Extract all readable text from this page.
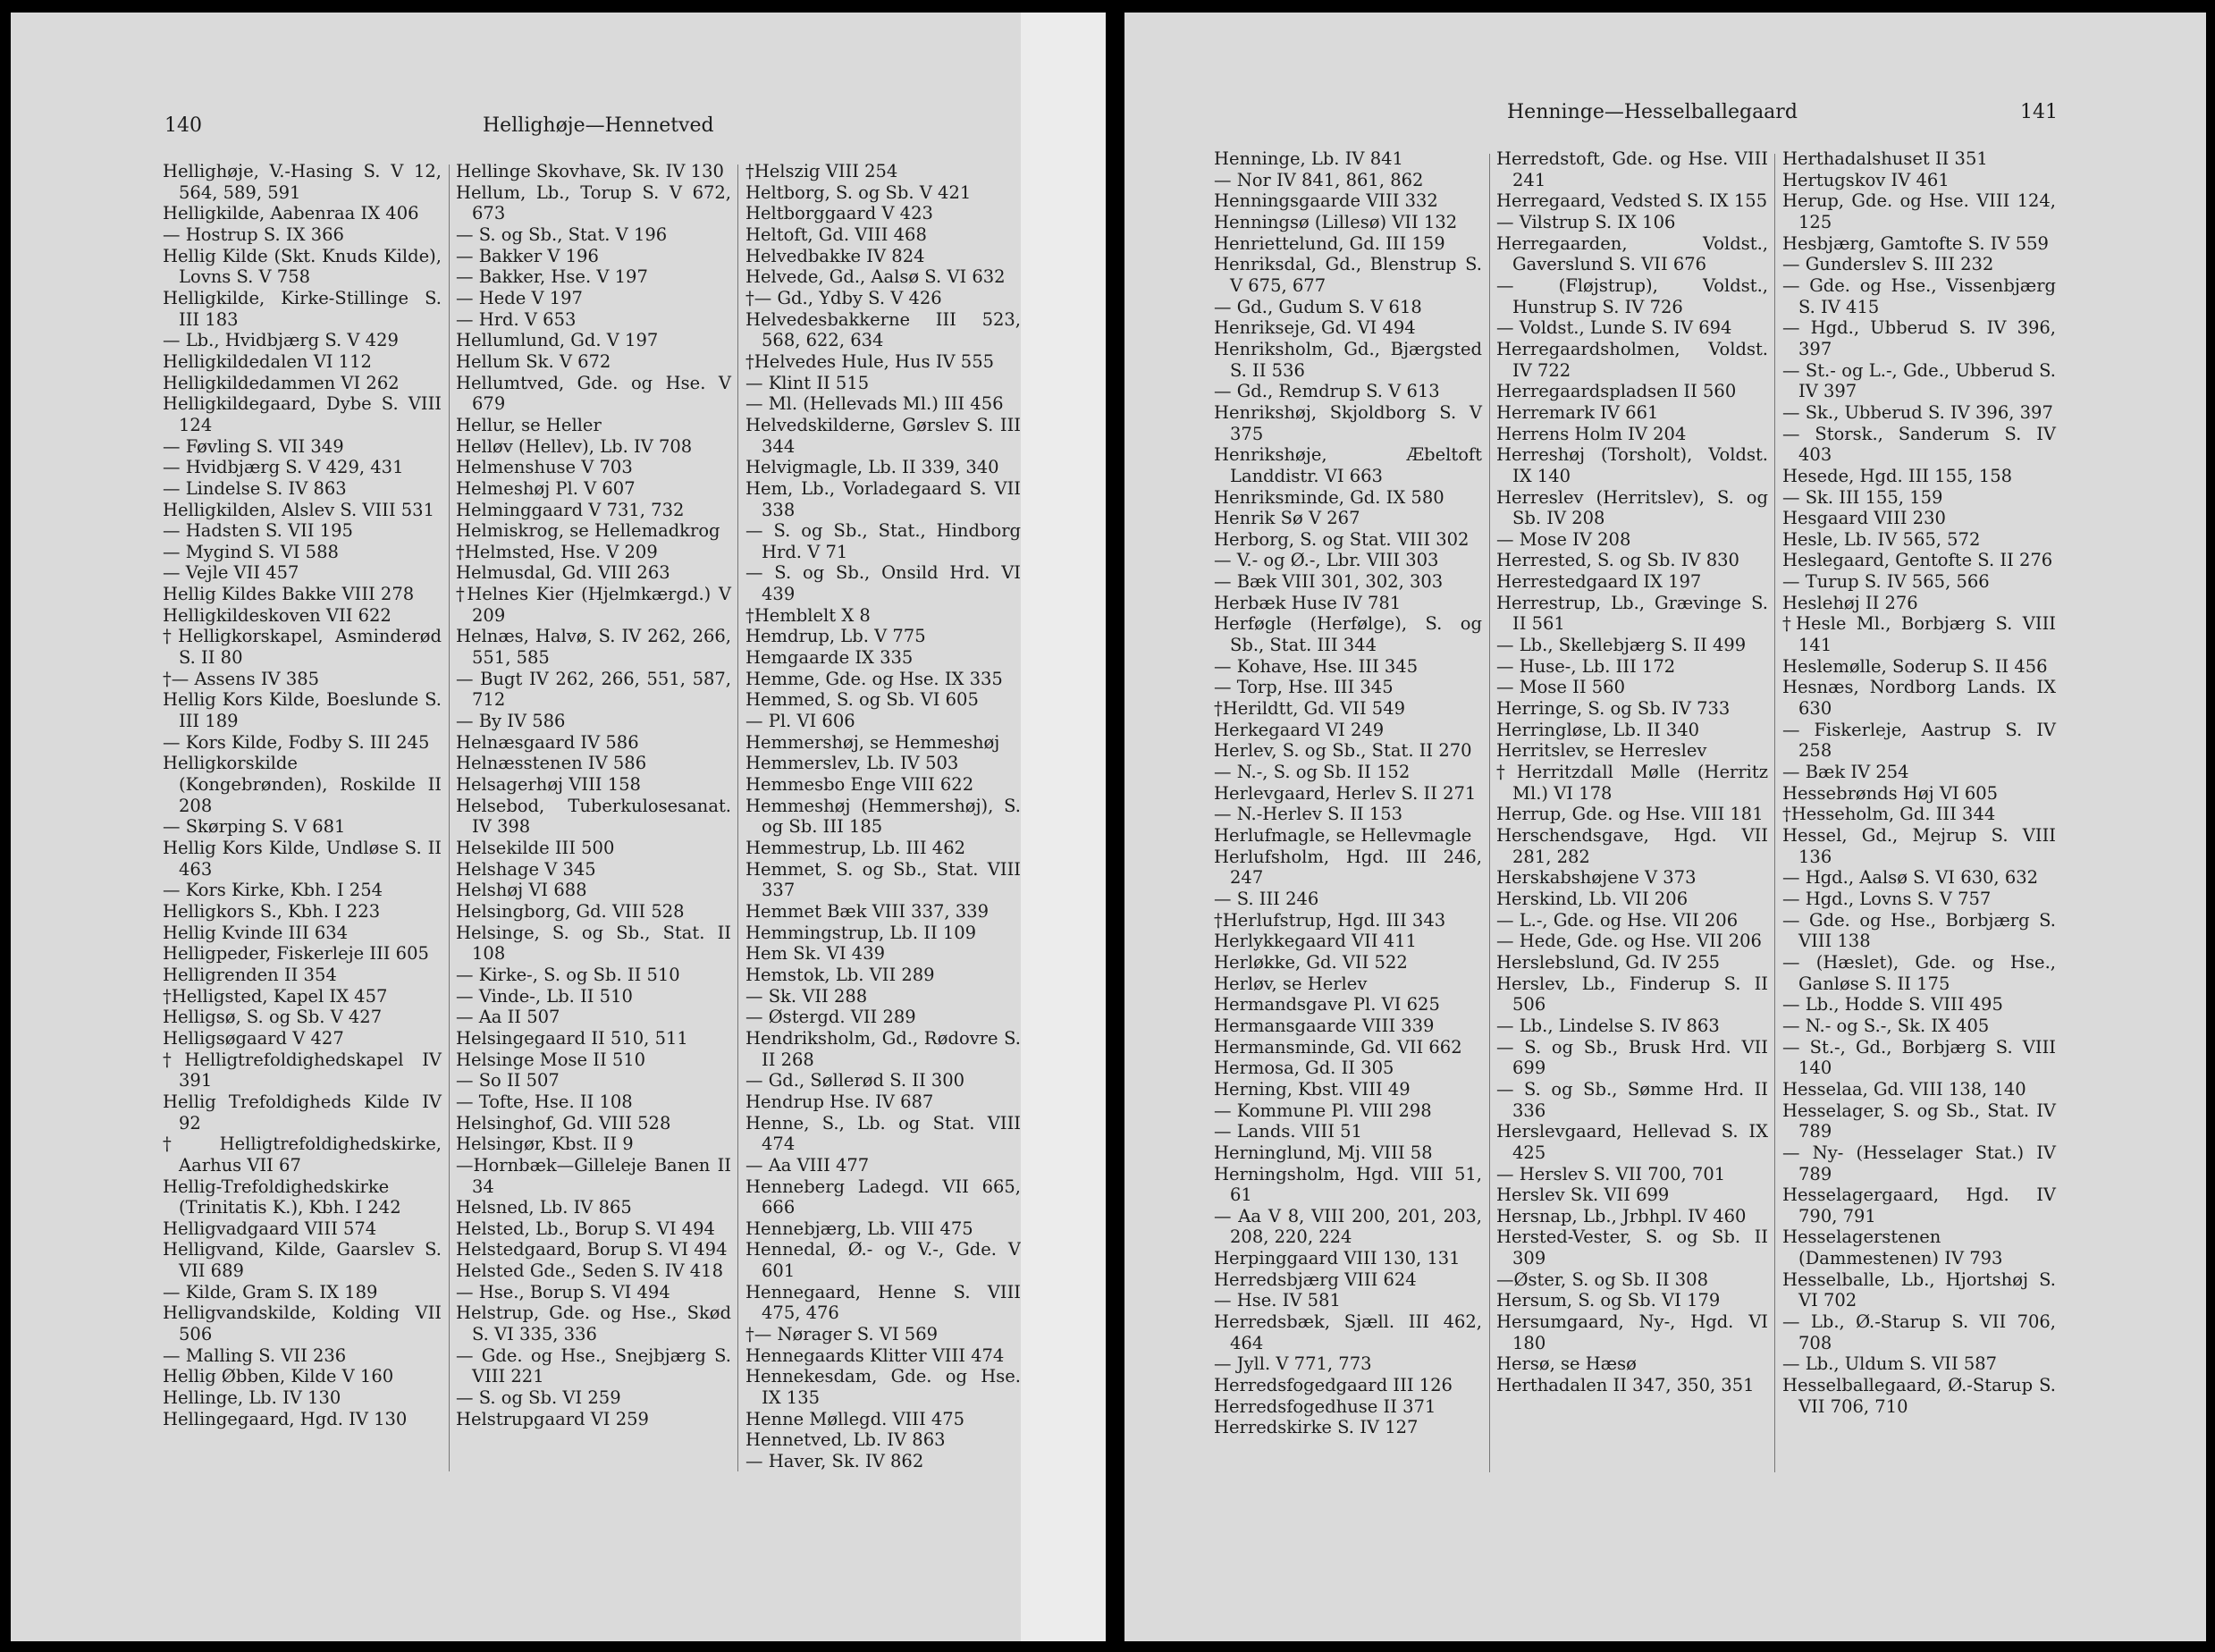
140	Hellighøje—Hennetved

Hellighøje, V.-Hasing S. V 12, 564, 589, 591

Helligkilde, Aabenraa IX 406

— Hostrup S. IX 366

Hellig Kilde (Skt. Knuds Kilde), Lovns S. V 758

Helligkilde, Kirke-Stillinge S. III 183

— Lb., Hvidbjærg S. V 429

Helligkildedalen VI 112

Helligkildedammen VI 262

Helligkildegaard, Dybe S. VIII 124

— Føvling S. VII 349

— Hvidbjærg S. V 429, 431

— Lindelse S. IV 863

Helligkilden, Alslev S. VIII 531

— Hadsten S. VII 195

— Mygind S. VI 588

— Vejle VII 457

Hellig Kildes Bakke VIII 278

Helligkildeskoven VII 622

†Helligkorskapel, Asminderød S. II 80

†— Assens IV 385

Hellig Kors Kilde, Boeslunde S. III 189

— Kors Kilde, Fodby S. III 245

Helligkorskilde (Kongebrønden), Roskilde II 208

— Skørping S. V 681

Hellig Kors Kilde, Undløse S. II 463

— Kors Kirke, Kbh. I 254

Helligkors S., Kbh. I 223

Hellig Kvinde III 634

Helligpeder, Fiskerleje III 605

Helligrenden II 354

†Helligsted, Kapel IX 457

Helligsø, S. og Sb. V 427

Helligsøgaard V 427

†Helligtrefoldighedskapel IV 391

Hellig Trefoldigheds Kilde IV 92

†Helligtrefoldighedskirke, Aarhus VII 67

Hellig-Trefoldighedskirke (Trinitatis K.), Kbh. I 242

Helligvadgaard VIII 574

Helligvand, Kilde, Gaarslev S. VII 689

— Kilde, Gram S. IX 189

Helligvandskilde, Kolding VII 506

— Malling S. VII 236

Hellig Øbben, Kilde V 160

Hellinge, Lb. IV 130

Hellingegaard, Hgd. IV 130

Hellinge Skovhave, Sk. IV 130

Hellum, Lb., Torup S. V 672, 673

— S. og Sb., Stat. V 196

— Bakker V 196

— Bakker, Hse. V 197

— Hede V 197

— Hrd. V 653

Hellumlund, Gd. V 197

Hellum Sk. V 672

Hellumtved, Gde. og Hse. V 679

Hellur, se Heller

Helløv (Hellev), Lb. IV 708

Helmenshuse V 703

Helmeshøj Pl. V 607

Helminggaard V 731, 732

Helmiskrog, se Hellemadkrog

†Helmsted, Hse. V 209

Helmusdal, Gd. VIII 263

†Helnes Kier (Hjelmkærgd.) V 209

Helnæs, Halvø, S. IV 262, 266, 551, 585

— Bugt IV 262, 266, 551, 587, 712

— By IV 586

Helnæsgaard IV 586

Helnæsstenen IV 586

Helsagerhøj VIII 158

Helsebod, Tuberkulosesanat. IV 398

Helsekilde III 500

Helshage V 345

Helshøj VI 688

Helsingborg, Gd. VIII 528

Helsinge, S. og Sb., Stat. II 108

— Kirke-, S. og Sb. II 510

— Vinde-, Lb. II 510

— Aa II 507

Helsingegaard II 510, 511

Helsinge Mose II 510

— So II 507

— Tofte, Hse. II 108

Helsinghof, Gd. VIII 528

Helsingør, Kbst. II 9

—Hornbæk—Gilleleje Banen II 34

Helsned, Lb. IV 865

Helsted, Lb., Borup S. VI 494

Helstedgaard, Borup S. VI 494

Helsted Gde., Seden S. IV 418

— Hse., Borup S. VI 494

Helstrup, Gde. og Hse., Skød S. VI 335, 336

— Gde. og Hse., Snejbjærg S. VIII 221

— S. og Sb. VI 259

Helstrupgaard VI 259

†Helszig VIII 254

Heltborg, S. og Sb. V 421

Heltborggaard V 423

Heltoft, Gd. VIII 468

Helvedbakke IV 824

Helvede, Gd., Aalsø S. VI 632

†— Gd., Ydby S. V 426

Helvedesbakkerne III 523, 568, 622, 634

†Helvedes Hule, Hus IV 555

— Klint II 515

— Ml. (Hellevads Ml.) III 456

Helvedskilderne, Gørslev S. III 344

Helvigmagle, Lb. II 339, 340

Hem, Lb., Vorladegaard S. VII 338

— S. og Sb., Stat., Hindborg Hrd. V 71

— S. og Sb., Onsild Hrd. VI 439

†Hemblelt X 8

Hemdrup, Lb. V 775

Hemgaarde IX 335

Hemme, Gde. og Hse. IX 335

Hemmed, S. og Sb. VI 605

— Pl. VI 606

Hemmershøj, se Hemmeshøj

Hemmerslev, Lb. IV 503

Hemmesbo Enge VIII 622

Hemmeshøj (Hemmershøj), S. og Sb. III 185

Hemmestrup, Lb. III 462

Hemmet, S. og Sb., Stat. VIII 337

Hemmet Bæk VIII 337, 339

Hemmingstrup, Lb. II 109

Hem Sk. VI 439

Hemstok, Lb. VII 289

— Sk. VII 288

— Østergd. VII 289

Hendriksholm, Gd., Rødovre S. II 268

— Gd., Søllerød S. II 300

Hendrup Hse. IV 687

Henne, S., Lb. og Stat. VIII 474

— Aa VIII 477

Henneberg Ladegd. VII 665, 666

Hennebjærg, Lb. VIII 475

Hennedal, Ø.- og V.-, Gde. V 601

Hennegaard, Henne S. VIII 475, 476

†— Nørager S. VI 569

Hennegaards Klitter VIII 474

Hennekesdam, Gde. og Hse. IX 135

Henne Møllegd. VIII 475

Hennetved, Lb. IV 863

— Haver, Sk. IV 862

Henninge—Hesselballegaard	141

Henninge, Lb. IV 841

— Nor IV 841, 861, 862

Henningsgaarde VIII 332

Henningsø (Lillesø) VII 132

Henriettelund, Gd. III 159

Henriksdal, Gd., Blenstrup S. V 675, 677

— Gd., Gudum S. V 618

Henrikseje, Gd. VI 494

Henriksholm, Gd., Bjærgsted S. II 536

— Gd., Remdrup S. V 613

Henrikshøj, Skjoldborg S. V 375

Henrikshøje, Æbeltoft Landdistr. VI 663

Henriksminde, Gd. IX 580

Henrik Sø V 267

Herborg, S. og Stat. VIII 302

— V.- og Ø.-, Lbr. VIII 303

— Bæk VIII 301, 302, 303

Herbæk Huse IV 781

Herføgle (Herfølge), S. og Sb., Stat. III 344

— Kohave, Hse. III 345

— Torp, Hse. III 345

†Herildtt, Gd. VII 549

Herkegaard VI 249

Herlev, S. og Sb., Stat. II 270

— N.-, S. og Sb. II 152

Herlevgaard, Herlev S. II 271

— N.-Herlev S. II 153

Herlufmagle, se Hellevmagle

Herlufsholm, Hgd. III 246, 247

— S. III 246

†Herlufstrup, Hgd. III 343

Herlykkegaard VII 411

Herløkke, Gd. VII 522

Herløv, se Herlev

Hermandsgave Pl. VI 625

Hermansgaarde VIII 339

Hermansminde, Gd. VII 662

Hermosa, Gd. II 305

Herning, Kbst. VIII 49

— Kommune Pl. VIII 298

— Lands. VIII 51

Herninglund, Mj. VIII 58

Herningsholm, Hgd. VIII 51, 61

— Aa V 8, VIII 200, 201, 203, 208, 220, 224

Herpinggaard VIII 130, 131

Herredsbjærg VIII 624

— Hse. IV 581

Herredsbæk, Sjæll. III 462, 464

— Jyll. V 771, 773

Herredsfogedgaard III 126

Herredsfogedhuse II 371

Herredskirke S. IV 127

Herredstoft, Gde. og Hse. VIII 241

Herregaard, Vedsted S. IX 155

— Vilstrup S. IX 106

Herregaarden, Voldst., Gaverslund S. VII 676

— (Fløjstrup), Voldst., Hunstrup S. IV 726

— Voldst., Lunde S. IV 694

Herregaardsholmen, Voldst. IV 722

Herregaardspladsen II 560

Herremark IV 661

Herrens Holm IV 204

Herreshøj (Torsholt), Voldst. IX 140

Herreslev (Herritslev), S. og Sb. IV 208

— Mose IV 208

Herrested, S. og Sb. IV 830

Herrestedgaard IX 197

Herrestrup, Lb., Grævinge S. II 561

— Lb., Skellebjærg S. II 499

— Huse-, Lb. III 172

— Mose II 560

Herringe, S. og Sb. IV 733

Herringløse, Lb. II 340

Herritslev, se Herreslev

†Herritzdall Mølle (Herritz Ml.) VI 178

Herrup, Gde. og Hse. VIII 181

Herschendsgave, Hgd. VII 281, 282

Herskabshøjene V 373

Herskind, Lb. VII 206

— L.-, Gde. og Hse. VII 206

— Hede, Gde. og Hse. VII 206

Herslebslund, Gd. IV 255

Herslev, Lb., Finderup S. II 506

— Lb., Lindelse S. IV 863

— S. og Sb., Brusk Hrd. VII 699

— S. og Sb., Sømme Hrd. II 336

Herslevgaard, Hellevad S. IX 425

— Herslev S. VII 700, 701

Herslev Sk. VII 699

Hersnap, Lb., Jrbhpl. IV 460

Hersted-Vester, S. og Sb. II 309

—Øster, S. og Sb. II 308

Hersum, S. og Sb. VI 179

Hersumgaard, Ny-, Hgd. VI 180

Hersø, se Hæsø

Herthadalen II 347, 350, 351

Herthadalshuset II 351

Hertugskov IV 461

Herup, Gde. og Hse. VIII 124, 125

Hesbjærg, Gamtofte S. IV 559

— Gunderslev S. III 232

— Gde. og Hse., Vissenbjærg S. IV 415

— Hgd., Ubberud S. IV 396, 397

— St.- og L.-, Gde., Ubberud S. IV 397

— Sk., Ubberud S. IV 396, 397

— Storsk., Sanderum S. IV 403

Hesede, Hgd. III 155, 158

— Sk. III 155, 159

Hesgaard VIII 230

Hesle, Lb. IV 565, 572

Heslegaard, Gentofte S. II 276

— Turup S. IV 565, 566

Heslehøj II 276

†Hesle Ml., Borbjærg S. VIII 141

Heslemølle, Soderup S. II 456

Hesnæs, Nordborg Lands. IX 630

— Fiskerleje, Aastrup S. IV 258

— Bæk IV 254

Hessebrønds Høj VI 605

†Hesseholm, Gd. III 344

Hessel, Gd., Mejrup S. VIII 136

— Hgd., Aalsø S. VI 630, 632

— Hgd., Lovns S. V 757

— Gde. og Hse., Borbjærg S. VIII 138

— (Hæslet), Gde. og Hse., Ganløse S. II 175

— Lb., Hodde S. VIII 495

— N.- og S.-, Sk. IX 405

— St.-, Gd., Borbjærg S. VIII 140

Hesselaa, Gd. VIII 138, 140

Hesselager, S. og Sb., Stat. IV 789

— Ny- (Hesselager Stat.) IV 789

Hesselagergaard, Hgd. IV 790, 791

Hesselagerstenen (Dammestenen) IV 793

Hesselballe, Lb., Hjortshøj S. VI 702

— Lb., Ø.-Starup S. VII 706, 708

— Lb., Uldum S. VII 587

Hesselballegaard, Ø.-Starup S. VII 706, 710
